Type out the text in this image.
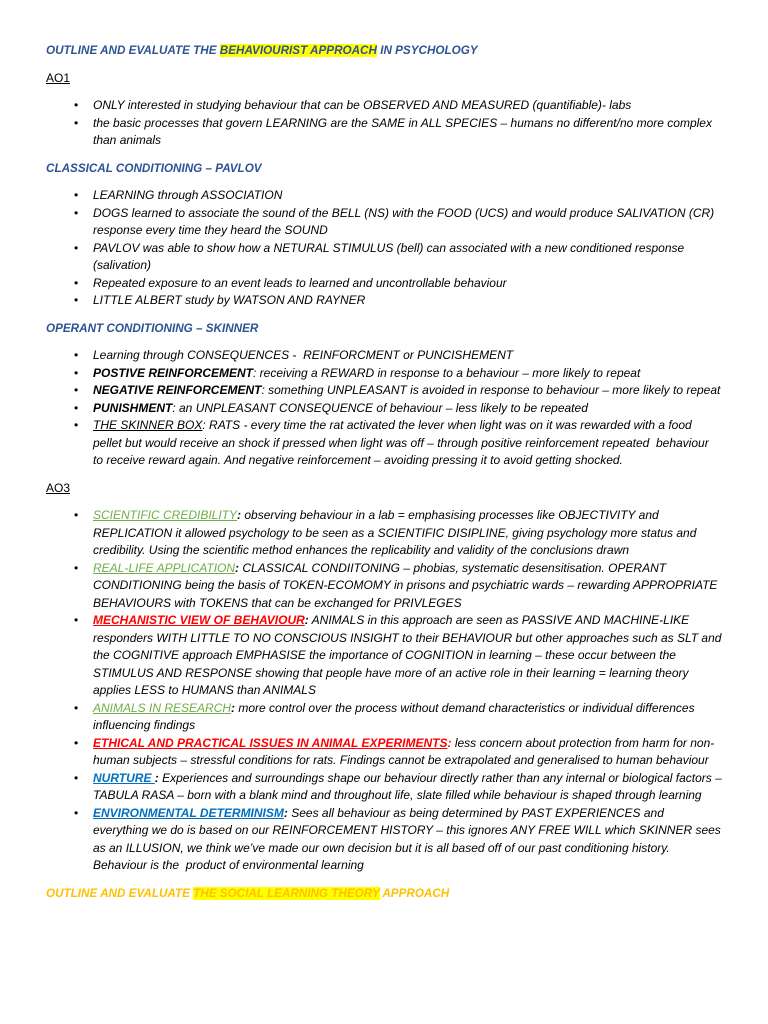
OUTLINE AND EVALUATE THE BEHAVIOURIST APPROACH IN PSYCHOLOGY

AO1

• ONLY interested in studying behaviour that can be OBSERVED AND MEASURED (quantifiable)- labs
• the basic processes that govern LEARNING are the SAME in ALL SPECIES – humans no different/no more complex than animals

CLASSICAL CONDITIONING – PAVLOV

• LEARNING through ASSOCIATION
• DOGS learned to associate the sound of the BELL (NS) with the FOOD (UCS) and would produce SALIVATION (CR) response every time they heard the SOUND
• PAVLOV was able to show how a NETURAL STIMULUS (bell) can associated with a new conditioned response (salivation)
• Repeated exposure to an event leads to learned and uncontrollable behaviour
• LITTLE ALBERT study by WATSON AND RAYNER

OPERANT CONDITIONING – SKINNER

• Learning through CONSEQUENCES -  REINFORCMENT or PUNCISHEMENT
• POSTIVE REINFORCEMENT: receiving a REWARD in response to a behaviour – more likely to repeat
• NEGATIVE REINFORCEMENT: something UNPLEASANT is avoided in response to behaviour – more likely to repeat
• PUNISHMENT: an UNPLEASANT CONSEQUENCE of behaviour – less likely to be repeated
• THE SKINNER BOX: RATS - every time the rat activated the lever when light was on it was rewarded with a food pellet but would receive an shock if pressed when light was off – through positive reinforcement repeated  behaviour to receive reward again. And negative reinforcement – avoiding pressing it to avoid getting shocked.

AO3

• SCIENTIFIC CREDIBILITY: observing behaviour in a lab = emphasising processes like OBJECTIVITY and REPLICATION it allowed psychology to be seen as a SCIENTIFIC DISIPLINE, giving psychology more status and credibility. Using the scientific method enhances the replicability and validity of the conclusions drawn
• REAL-LIFE APPLICATION: CLASSICAL CONDIITONING – phobias, systematic desensitisation. OPERANT CONDITIONING being the basis of TOKEN-ECOMOMY in prisons and psychiatric wards – rewarding APPROPRIATE BEHAVIOURS with TOKENS that can be exchanged for PRIVLEGES
• MECHANISTIC VIEW OF BEHAVIOUR: ANIMALS in this approach are seen as PASSIVE AND MACHINE-LIKE responders WITH LITTLE TO NO CONSCIOUS INSIGHT to their BEHAVIOUR but other approaches such as SLT and the COGNITIVE approach EMPHASISE the importance of COGNITION in learning – these occur between the STIMULUS AND RESPONSE showing that people have more of an active role in their learning = learning theory applies LESS to HUMANS than ANIMALS
• ANIMALS IN RESEARCH: more control over the process without demand characteristics or individual differences influencing findings
• ETHICAL AND PRACTICAL ISSUES IN ANIMAL EXPERIMENTS: less concern about protection from harm for non-human subjects – stressful conditions for rats. Findings cannot be extrapolated and generalised to human behaviour
• NURTURE : Experiences and surroundings shape our behaviour directly rather than any internal or biological factors – TABULA RASA – born with a blank mind and throughout life, slate filled while behaviour is shaped through learning
• ENVIRONMENTAL DETERMINISM: Sees all behaviour as being determined by PAST EXPERIENCES and everything we do is based on our REINFORCEMENT HISTORY – this ignores ANY FREE WILL which SKINNER sees as an ILLUSION, we think we’ve made our own decision but it is all based off of our past conditioning history. Behaviour is the  product of environmental learning

OUTLINE AND EVALUATE THE SOCIAL LEARNING THEORY APPROACH
